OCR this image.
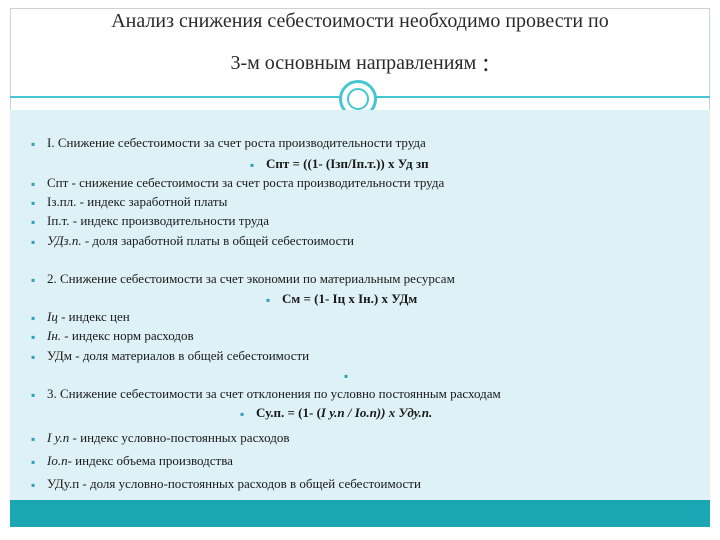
Анализ снижения себестоимости необходимо провести по
3-м основным направлениям :
▪ I. Снижение себестоимости за счет роста производительности труда
▪ Спт = ((1- (Iзп/Iп.т.)) х Уд зп
▪ Спт - снижение себестоимости за счет роста производительности труда
▪ Iз.пл. - индекс заработной платы
▪ Iп.т. - индекс производительности труда
▪ УДз.п. - доля заработной платы в общей себестоимости
▪ 2. Снижение себестоимости за счет экономии по материальным ресурсам
▪ См = (1- Iц х Iн.) х УДм
▪ Iц - индекс цен
▪ Iн. - индекс норм расходов
▪ УДм - доля материалов в общей себестоимости
▪
▪ 3. Снижение себестоимости за счет отклонения по условно постоянным расходам
▪ Су.п. = (1- (I у.п / Iо.п)) х Уду.п.
▪ I у.п - индекс условно-постоянных расходов
▪ Iо.п- индекс объема производства
▪ УДу.п - доля условно-постоянных расходов в общей себестоимости
▪
